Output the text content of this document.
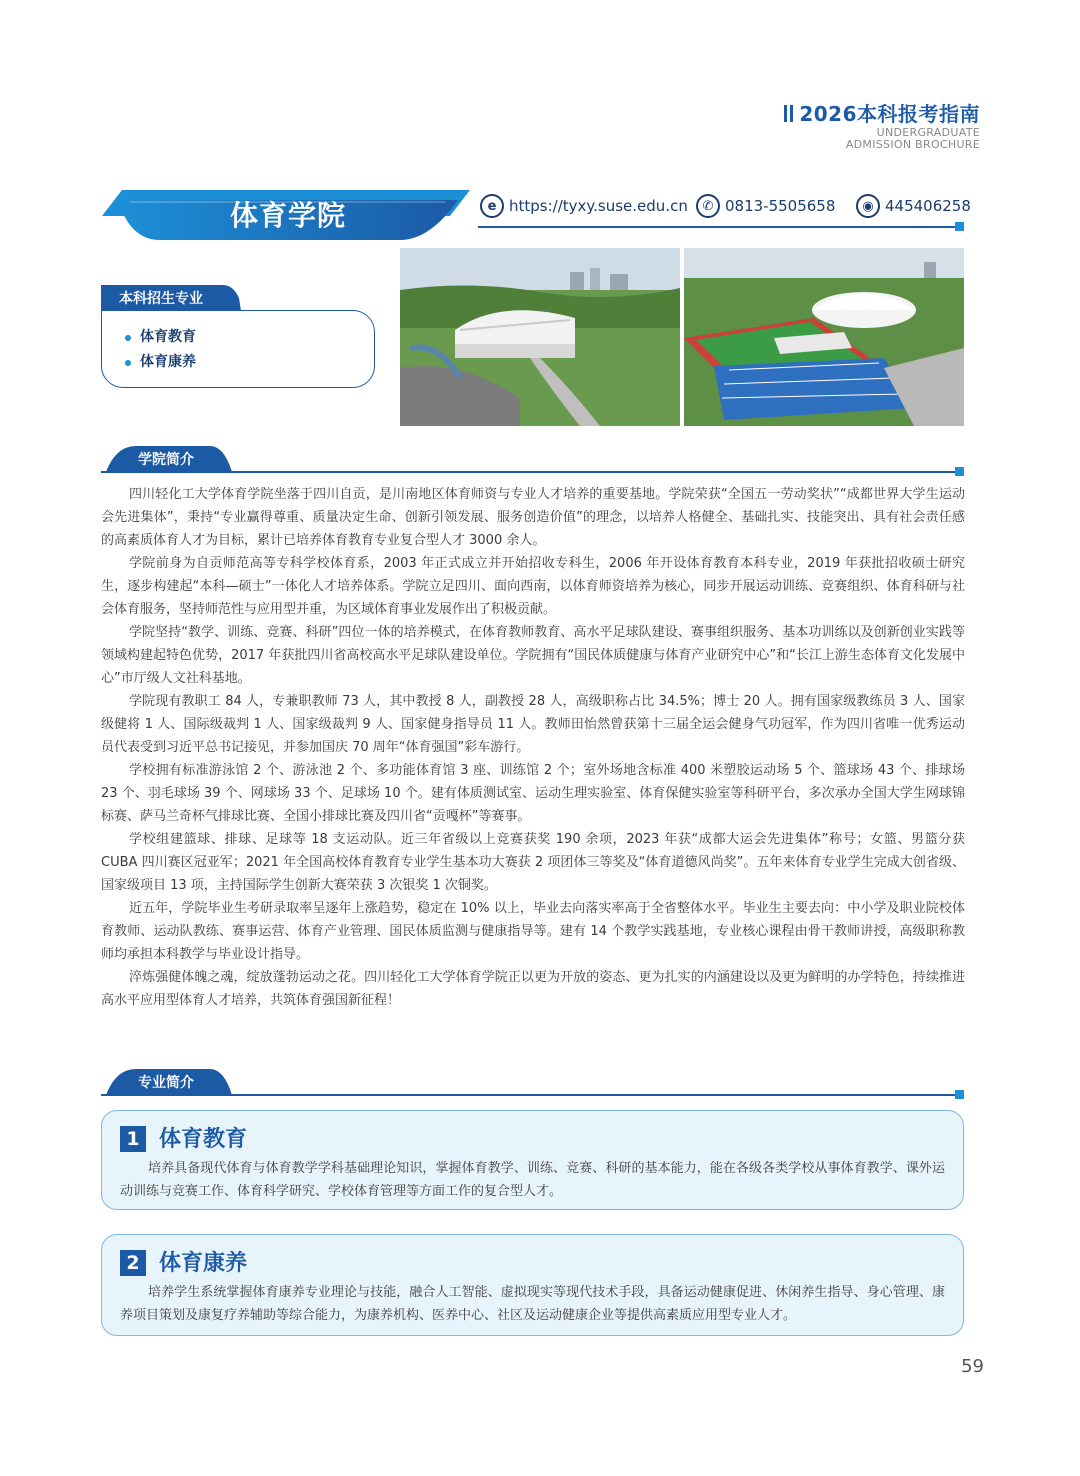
2026本科报考指南
UNDERGRADUATE
ADMISSION BROCHURE
体育学院	e https://tyxy.suse.edu.cn	✆ 0813-5505658	◉ 445406258
本科招生专业
体育教育
体育康养
学院简介

四川轻化工大学体育学院坐落于四川自贡，是川南地区体育师资与专业人才培养的重要基地。学院荣获“全国五一劳动奖状”“成都世界大学生运动会先进集体”，秉持“专业赢得尊重、质量决定生命、创新引领发展、服务创造价值”的理念，以培养人格健全、基础扎实、技能突出、具有社会责任感的高素质体育人才为目标，累计已培养体育教育专业复合型人才 3000 余人。

学院前身为自贡师范高等专科学校体育系，2003 年正式成立并开始招收专科生，2006 年开设体育教育本科专业，2019 年获批招收硕士研究生，逐步构建起“本科—硕士”一体化人才培养体系。学院立足四川、面向西南，以体育师资培养为核心，同步开展运动训练、竞赛组织、体育科研与社会体育服务，坚持师范性与应用型并重，为区域体育事业发展作出了积极贡献。

学院坚持“教学、训练、竞赛、科研”四位一体的培养模式，在体育教师教育、高水平足球队建设、赛事组织服务、基本功训练以及创新创业实践等领域构建起特色优势，2017 年获批四川省高校高水平足球队建设单位。学院拥有“国民体质健康与体育产业研究中心”和“长江上游生态体育文化发展中心”市厅级人文社科基地。

学院现有教职工 84 人，专兼职教师 73 人，其中教授 8 人，副教授 28 人，高级职称占比 34.5%；博士 20 人。拥有国家级教练员 3 人、国家级健将 1 人、国际级裁判 1 人、国家级裁判 9 人、国家健身指导员 11 人。教师田怡然曾获第十三届全运会健身气功冠军，作为四川省唯一优秀运动员代表受到习近平总书记接见，并参加国庆 70 周年“体育强国”彩车游行。

学校拥有标准游泳馆 2 个、游泳池 2 个、多功能体育馆 3 座、训练馆 2 个；室外场地含标准 400 米塑胶运动场 5 个、篮球场 43 个、排球场 23 个、羽毛球场 39 个、网球场 33 个、足球场 10 个。建有体质测试室、运动生理实验室、体育保健实验室等科研平台，多次承办全国大学生网球锦标赛、萨马兰奇杯气排球比赛、全国小排球比赛及四川省“贡嘎杯”等赛事。

学校组建篮球、排球、足球等 18 支运动队。近三年省级以上竞赛获奖 190 余项，2023 年获“成都大运会先进集体”称号；女篮、男篮分获 CUBA 四川赛区冠亚军；2021 年全国高校体育教育专业学生基本功大赛获 2 项团体三等奖及“体育道德风尚奖”。五年来体育专业学生完成大创省级、国家级项目 13 项，主持国际学生创新大赛荣获 3 次银奖 1 次铜奖。

近五年，学院毕业生考研录取率呈逐年上涨趋势，稳定在 10% 以上，毕业去向落实率高于全省整体水平。毕业生主要去向：中小学及职业院校体育教师、运动队教练、赛事运营、体育产业管理、国民体质监测与健康指导等。建有 14 个教学实践基地，专业核心课程由骨干教师讲授，高级职称教师均承担本科教学与毕业设计指导。

淬炼强健体魄之魂，绽放蓬勃运动之花。四川轻化工大学体育学院正以更为开放的姿态、更为扎实的内涵建设以及更为鲜明的办学特色，持续推进高水平应用型体育人才培养，共筑体育强国新征程！

专业简介
1 体育教育
培养具备现代体育与体育教学学科基础理论知识，掌握体育教学、训练、竞赛、科研的基本能力，能在各级各类学校从事体育教学、课外运动训练与竞赛工作、体育科学研究、学校体育管理等方面工作的复合型人才。
2 体育康养
培养学生系统掌握体育康养专业理论与技能，融合人工智能、虚拟现实等现代技术手段，具备运动健康促进、休闲养生指导、身心管理、康养项目策划及康复疗养辅助等综合能力，为康养机构、医养中心、社区及运动健康企业等提供高素质应用型专业人才。
59
